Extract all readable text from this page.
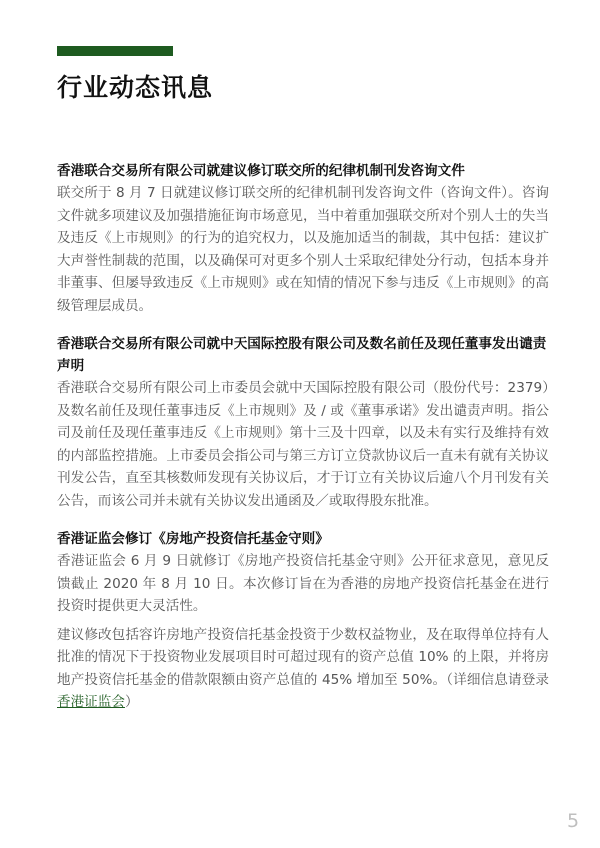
行业动态讯息

香港联合交易所有限公司就建议修订联交所的纪律机制刊发咨询文件

联交所于 8 月 7 日就建议修订联交所的纪律机制刊发咨询文件（咨询文件）。咨询文件就多项建议及加强措施征询市场意见，当中着重加强联交所对个别人士的失当及违反《上市规则》的行为的追究权力，以及施加适当的制裁，其中包括：建议扩大声誉性制裁的范围，以及确保可对更多个别人士采取纪律处分行动，包括本身并非董事、但屡导致违反《上市规则》或在知情的情况下参与违反《上市规则》的高级管理层成员。

香港联合交易所有限公司就中天国际控股有限公司及数名前任及现任董事发出谴责声明

香港联合交易所有限公司上市委员会就中天国际控股有限公司（股份代号：2379）及数名前任及现任董事违反《上市规则》及 / 或《董事承诺》发出谴责声明。指公司及前任及现任董事违反《上市规则》第十三及十四章，以及未有实行及维持有效的内部监控措施。上市委员会指公司与第三方订立贷款协议后一直未有就有关协议刊发公告，直至其核数师发现有关协议后，才于订立有关协议后逾八个月刊发有关公告，而该公司并未就有关协议发出通函及／或取得股东批准。

香港证监会修订《房地产投资信托基金守则》

香港证监会 6 月 9 日就修订《房地产投资信托基金守则》公开征求意见，意见反馈截止 2020 年 8 月 10 日。本次修订旨在为香港的房地产投资信托基金在进行投资时提供更大灵活性。

建议修改包括容许房地产投资信托基金投资于少数权益物业，及在取得单位持有人批准的情况下于投资物业发展项目时可超过现有的资产总值 10% 的上限，并将房地产投资信托基金的借款限额由资产总值的 45% 增加至 50%。（详细信息请登录 香港证监会）

5
